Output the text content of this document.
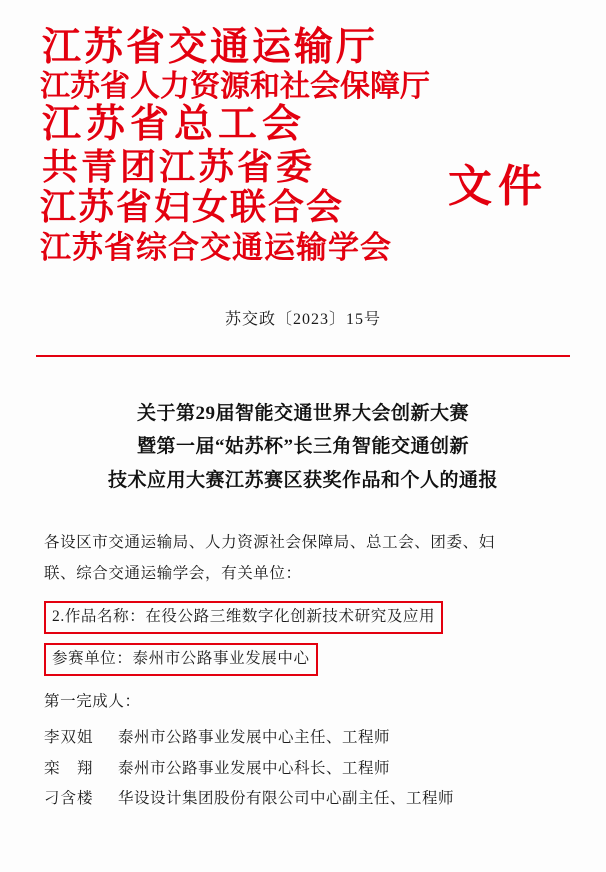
江苏省交通运输厅
江苏省人力资源和社会保障厅
江苏省总工会
共青团江苏省委
江苏省妇女联合会
江苏省综合交通运输学会
文件
苏交政〔2023〕15号
关于第29届智能交通世界大会创新大赛
暨第一届“姑苏杯”长三角智能交通创新
技术应用大赛江苏赛区获奖作品和个人的通报
各设区市交通运输局、人力资源社会保障局、总工会、团委、妇
联、综合交通运输学会，有关单位：
2.作品名称：在役公路三维数字化创新技术研究及应用
参赛单位：泰州市公路事业发展中心
第一完成人：
李双姐	泰州市公路事业发展中心主任、工程师
栾　翔	泰州市公路事业发展中心科长、工程师
刁含楼	华设设计集团股份有限公司中心副主任、工程师
